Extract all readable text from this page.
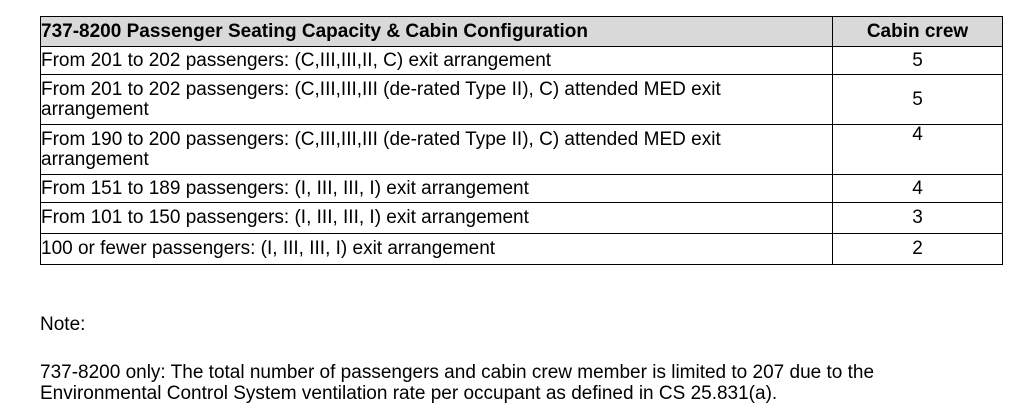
737-8200 Passenger Seating Capacity & Cabin Configuration	Cabin crew
From 201 to 202 passengers: (C,III,III,II, C) exit arrangement	5
From 201 to 202 passengers: (C,III,III,III (de-rated Type II), C) attended MED exit arrangement	5
From 190 to 200 passengers: (C,III,III,III (de-rated Type II), C) attended MED exit arrangement	4
From 151 to 189 passengers: (I, III, III, I) exit arrangement	4
From 101 to 150 passengers: (I, III, III, I) exit arrangement	3
100 or fewer passengers: (I, III, III, I) exit arrangement	2

Note:

737-8200 only: The total number of passengers and cabin crew member is limited to 207 due to the Environmental Control System ventilation rate per occupant as defined in CS 25.831(a).
